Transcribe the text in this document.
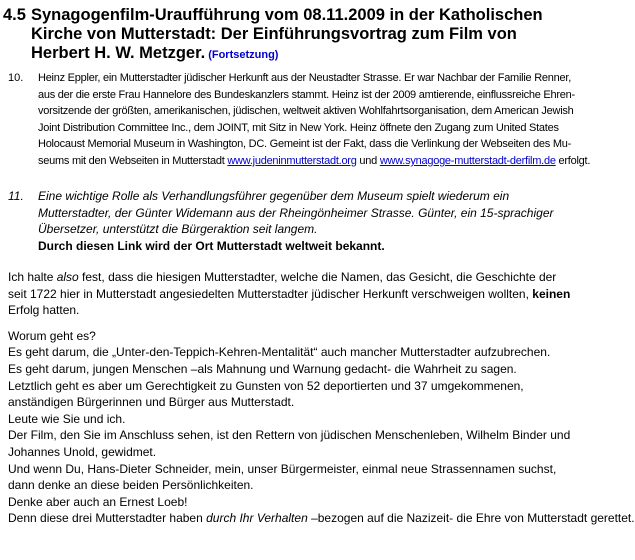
4.5 Synagogenfilm-Uraufführung vom 08.11.2009 in der Katholischen
Kirche von Mutterstadt: Der Einführungsvortrag zum Film von
Herbert H. W. Metzger. (Fortsetzung)
10. Heinz Eppler, ein Mutterstadter jüdischer Herkunft aus der Neustadter Strasse. Er war Nachbar der Familie Renner,
aus der die erste Frau Hannelore des Bundeskanzlers stammt. Heinz ist der 2009 amtierende, einflussreiche Ehren-
vorsitzende der größten, amerikanischen, jüdischen, weltweit aktiven Wohlfahrtsorganisation, dem American Jewish
Joint Distribution Committee Inc., dem JOINT, mit Sitz in New York. Heinz öffnete den Zugang zum United States
Holocaust Memorial Museum in Washington, DC. Gemeint ist der Fakt, dass die Verlinkung der Webseiten des Mu-
seums mit den Webseiten in Mutterstadt www.judeninmutterstadt.org und www.synagoge-mutterstadt-derfilm.de erfolgt.
11. Eine wichtige Rolle als Verhandlungsführer gegenüber dem Museum spielt wiederum ein
Mutterstadter, der Günter Widemann aus der Rheingönheimer Strasse. Günter, ein 15-sprachiger
Übersetzer, unterstützt die Bürgeraktion seit langem.
Durch diesen Link wird der Ort Mutterstadt weltweit bekannt.
Ich halte also fest, dass die hiesigen Mutterstadter, welche die Namen, das Gesicht, die Geschichte der
seit 1722 hier in Mutterstadt angesiedelten Mutterstadter jüdischer Herkunft verschweigen wollten, keinen
Erfolg hatten.
Worum geht es?
Es geht darum, die „Unter-den-Teppich-Kehren-Mentalität“ auch mancher Mutterstadter aufzubrechen.
Es geht darum, jungen Menschen –als Mahnung und Warnung gedacht- die Wahrheit zu sagen.
Letztlich geht es aber um Gerechtigkeit zu Gunsten von 52 deportierten und 37 umgekommenen,
anständigen Bürgerinnen und Bürger aus Mutterstadt.
Leute wie Sie und ich.
Der Film, den Sie im Anschluss sehen, ist den Rettern von jüdischen Menschenleben, Wilhelm Binder und
Johannes Unold, gewidmet.
Und wenn Du, Hans-Dieter Schneider, mein, unser Bürgermeister, einmal neue Strassennamen suchst,
dann denke an diese beiden Persönlichkeiten.
Denke aber auch an Ernest Loeb!
Denn diese drei Mutterstadter haben durch Ihr Verhalten –bezogen auf die Nazizeit- die Ehre von Mutterstadt gerettet.
